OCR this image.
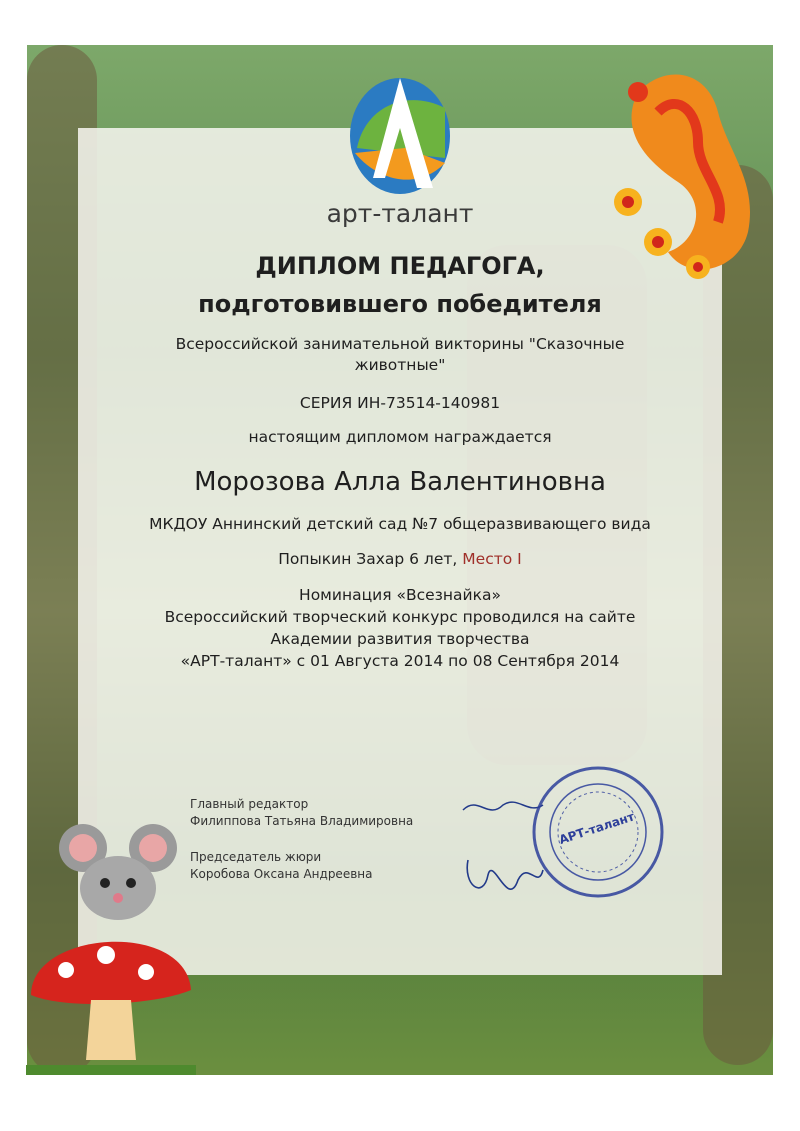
арт-талант
ДИПЛОМ ПЕДАГОГА,
подготовившего победителя
Всероссийской занимательной викторины "Сказочные животные"
СЕРИЯ ИН-73514-140981
настоящим дипломом награждается
Морозова Алла Валентиновна
МКДОУ Аннинский детский сад №7 общеразвивающего вида
Попыкин Захар 6 лет, Место I
Номинация «Всезнайка»
Всероссийский творческий конкурс проводился на сайте
Академии развития творчества
«АРТ-талант» с 01 Августа 2014 по 08 Сентября 2014
Главный редактор
Филиппова Татьяна Владимировна
Председатель жюри
Коробова Оксана Андреевна
АРТ-талант
